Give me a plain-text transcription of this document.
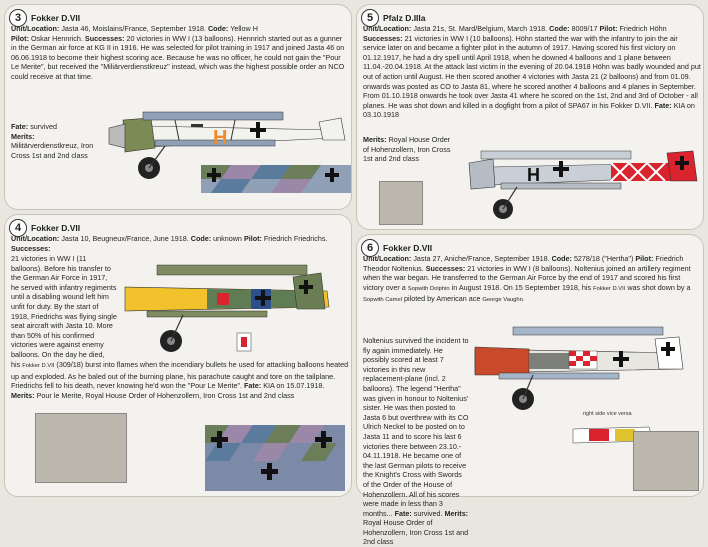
3	Fokker D.VII
Unit/Location: Jasta 46, Moislains/France, September 1918. Code: Yellow H
Pilot: Oskar Hennrich. Successes: 20 victories in WW I (13 balloons). Hennrich started out as a gunner in the German air force at KG II in 1916. He was selected for pilot training in 1917 and joined Jasta 46 on 06.06.1918 to become their highest scoring ace. Because he was no officer, he could not gain the "Pour Le Merite", but received the "Miliärverdienstkreuz" instead, which was the highest possible order an NCO could receive at that time.
Fate: survived
Merits:
Militärverdienstkreuz, Iron Cross 1st and 2nd class
H
5	Pfalz D.IIIa
Unit/Location: Jasta 21s, St. Mard/Belgium, March 1918. Code: 8009/17 Pilot: Friedrich Höhn Successes: 21 victories in WW I (10 balloons). Höhn started the war with the infantry to join the air service later on and became a fighter pilot in the autumn of 1917. Having scored his first victory on 01.12.1917, he had a dry spell until April 1918, when he downed 4 balloons and 1 plane between 11.04.-20.04.1918. At the attack last victim in the evening of 20.04.1918 Höhn was badly wounded and put out of action until August. He then scored another 4 victories with Jasta 21 (2 balloons) and from 01.09. onwards was posted as CO to Jasta 81, where he scored another 4 balloons and 4 planes in September. From 01.10.1918 onwards he took over Jasta 41 where he scored on the 1st, 2nd and 3rd of October - all planes. He was shot down and killed in a dogfight from a pilot of SPA67 in his Fokker D.VII. Fate: KIA on 03.10.1918
Merits: Royal House Order of Hohenzollern, Iron Cross 1st and 2nd class
H
4	Fokker D.VII
Unit/Location: Jasta 10, Beugneux/France, June 1918. Code: unknown Pilot: Friedrich Friedrichs. Successes:
21 victories in WW I (11 balloons). Before his transfer to the German Air Force in 1917, he served with infantry regiments until a disabling wound left him unfit for duty. By the start of 1918, Friedrichs was flying single seat aircraft with Jasta 10. More than 50% of his confirmed victories were against enemy balloons. On the day he died,
his Fokker D.VII (309/18) burst into flames when the incendiary bullets he used for attacking balloons heated up and exploded. As he baled out of the burning plane, his parachute caught and tore on the tailplane. Friedrichs fell to his death, never knowing he'd won the "Pour Le Merite". Fate: KIA on 15.07.1918. Merits: Pour le Merite, Royal House Order of Hohenzollern, Iron Cross 1st and 2nd class
6	Fokker D.VII
Unit/Location: Jasta 27, Aniche/France, September 1918. Code: 5278/18 ("Hertha") Pilot: Friedrich Theodor Noltenius. Successes: 21 victories in WW I (8 balloons). Noltenius joined an artillery regiment when the war began. He transferred to the German Air Force by the end of 1917 and scored his first victory over a Sopwith Dolphin in August 1918. On 15 September 1918, his Fokker D.VII was shot down by a Sopwith Camel piloted by American ace George Vaughn.
Noltenius survived the incident to fly again immediately. He possibly scored at least 7 victories in this new replacement-plane (incl. 2 balloons). The legend "Hertha" was given in honour to Noltenius' sister. He was then posted to Jasta 6 but overthrew with its CO Ulrich Neckel to be posted on to Jasta 11 and to score his last 6 victories there between 23.10.- 04.11.1918. He became one of the last German pilots to receive the Knight's Cross with Swords of the Order of the House of Hohenzollern. All of his scores were made in less than 3 months... Fate: survived. Merits: Royal House Order of Hohenzollern, Iron Cross 1st and 2nd class
right side vice versa
